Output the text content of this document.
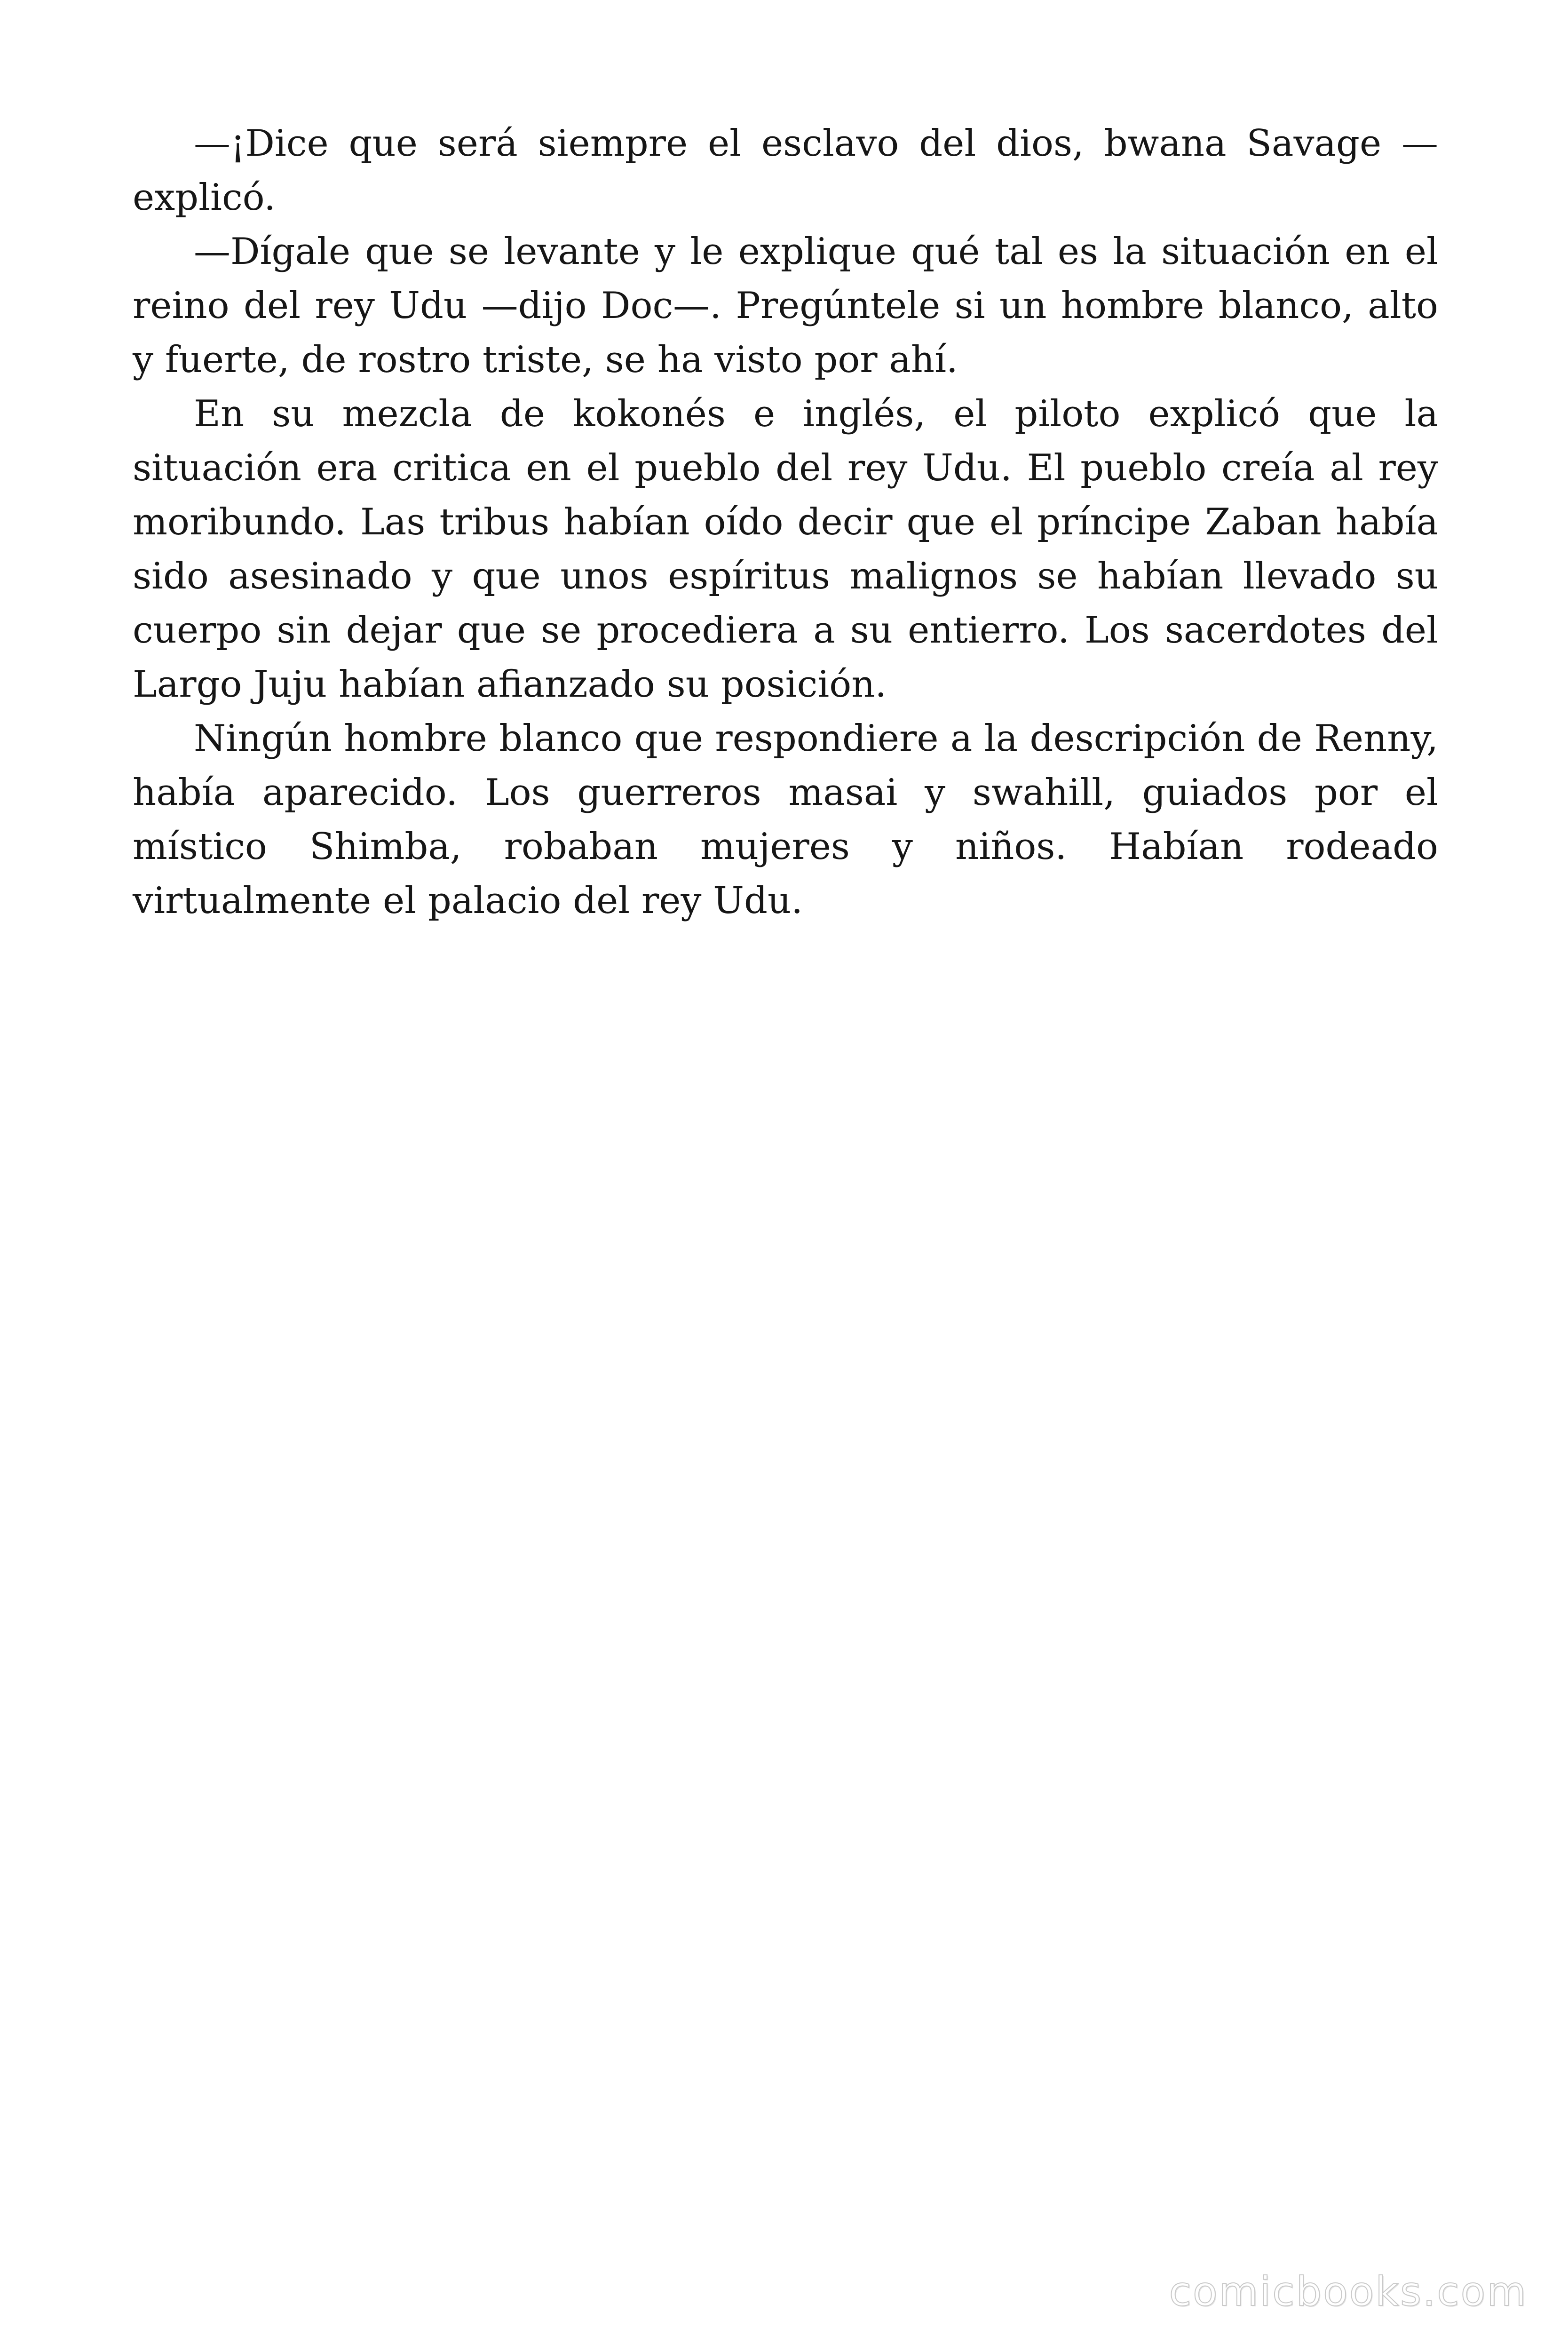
—¡Dice que será siempre el esclavo del dios, bwana Savage —explicó.

—Dígale que se levante y le explique qué tal es la situación en el reino del rey Udu —dijo Doc—. Pregúntele si un hombre blanco, alto y fuerte, de rostro triste, se ha visto por ahí.

En su mezcla de kokonés e inglés, el piloto explicó que la situación era critica en el pueblo del rey Udu. El pueblo creía al rey moribundo. Las tribus habían oído decir que el príncipe Zaban había sido asesinado y que unos espíritus malignos se habían llevado su cuerpo sin dejar que se procediera a su entierro. Los sacerdotes del Largo Juju habían afianzado su posición.

Ningún hombre blanco que respondiere a la descripción de Renny, había aparecido. Los guerreros masai y swahill, guiados por el místico Shimba, robaban mujeres y niños. Habían rodeado virtualmente el palacio del rey Udu.

comicbooks.com
